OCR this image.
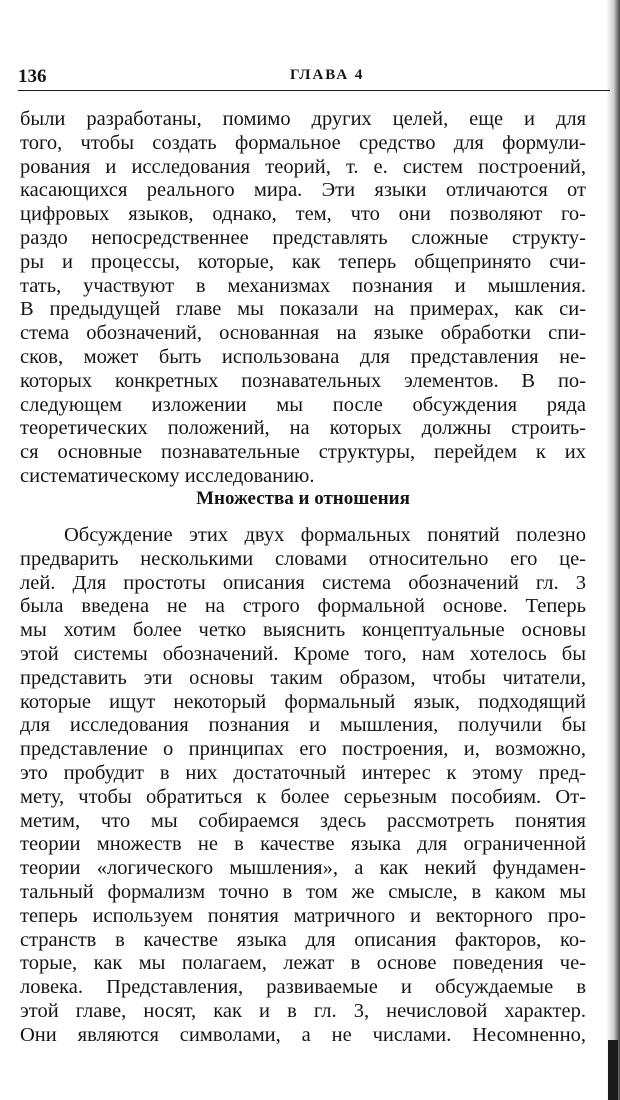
136	ГЛАВА 4
были разработаны, помимо других целей, еще и для
того, чтобы создать формальное средство для формули-
рования и исследования теорий, т. е. систем построений,
касающихся реального мира. Эти языки отличаются от
цифровых языков, однако, тем, что они позволяют го-
раздо непосредственнее представлять сложные структу-
ры и процессы, которые, как теперь общепринято счи-
тать, участвуют в механизмах познания и мышления.
В предыдущей главе мы показали на примерах, как си-
стема обозначений, основанная на языке обработки спи-
сков, может быть использована для представления не-
которых конкретных познавательных элементов. В по-
следующем изложении мы после обсуждения ряда
теоретических положений, на которых должны строить-
ся основные познавательные структуры, перейдем к их
систематическому исследованию.
Множества и отношения
Обсуждение этих двух формальных понятий полезно
предварить несколькими словами относительно его це-
лей. Для простоты описания система обозначений гл. 3
была введена не на строго формальной основе. Теперь
мы хотим более четко выяснить концептуальные основы
этой системы обозначений. Кроме того, нам хотелось бы
представить эти основы таким образом, чтобы читатели,
которые ищут некоторый формальный язык, подходящий
для исследования познания и мышления, получили бы
представление о принципах его построения, и, возможно,
это пробудит в них достаточный интерес к этому пред-
мету, чтобы обратиться к более серьезным пособиям. От-
метим, что мы собираемся здесь рассмотреть понятия
теории множеств не в качестве языка для ограниченной
теории «логического мышления», а как некий фундамен-
тальный формализм точно в том же смысле, в каком мы
теперь используем понятия матричного и векторного про-
странств в качестве языка для описания факторов, ко-
торые, как мы полагаем, лежат в основе поведения че-
ловека. Представления, развиваемые и обсуждаемые в
этой главе, носят, как и в гл. 3, нечисловой характер.
Они являются символами, а не числами. Несомненно,
